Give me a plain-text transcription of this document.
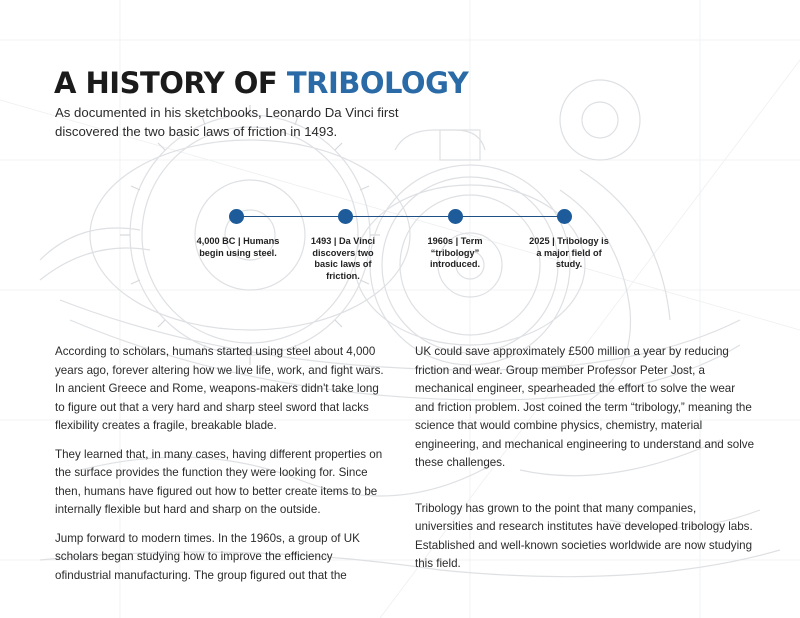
A HISTORY OF TRIBOLOGY

As documented in his sketchbooks, Leonardo Da Vinci first discovered the two basic laws of friction in 1493.

4,000 BC | Humans begin using steel.
1493 | Da Vinci discovers two basic laws of friction.
1960s | Term “tribology” introduced.
2025 | Tribology is a major field of study.

According to scholars, humans started using steel about 4,000 years ago, forever altering how we live life, work, and fight wars. In ancient Greece and Rome, weapons-makers didn't take long to figure out that a very hard and sharp steel sword that lacks flexibility creates a fragile, breakable blade.

They learned that, in many cases, having different properties on the surface provides the function they were looking for. Since then, humans have figured out how to better create items to be internally flexible but hard and sharp on the outside.

Jump forward to modern times. In the 1960s, a group of UK scholars began studying how to improve the efficiency ofindustrial manufacturing. The group figured out that the

UK could save approximately £500 million a year by reducing friction and wear. Group member Professor Peter Jost, a mechanical engineer, spearheaded the effort to solve the wear and friction problem. Jost coined the term “tribology,” meaning the science that would combine physics, chemistry, material engineering, and mechanical engineering to understand and solve these challenges.

Tribology has grown to the point that many companies, universities and research institutes have developed tribology labs. Established and well-known societies worldwide are now studying this field.
